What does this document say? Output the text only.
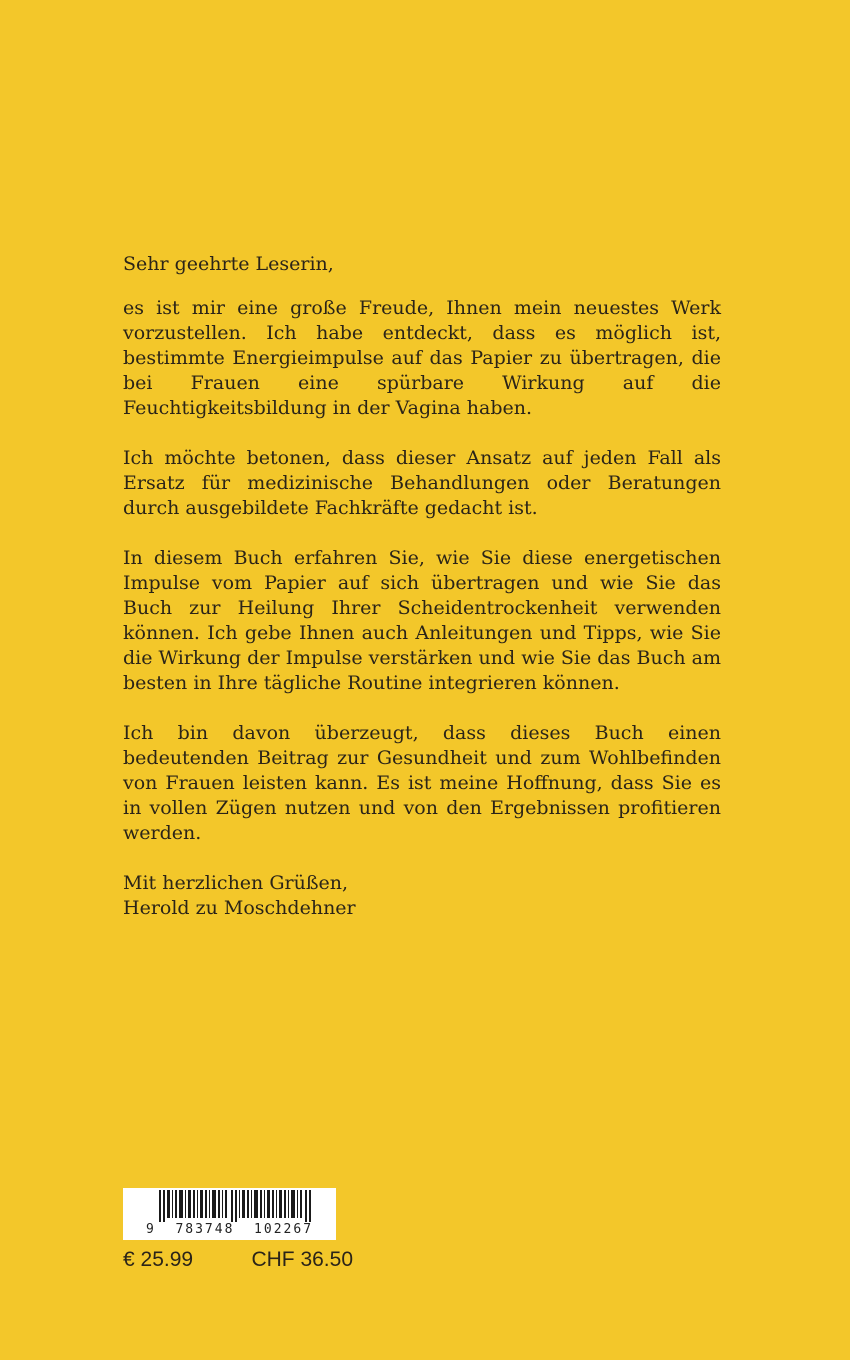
Sehr geehrte Leserin,

es ist mir eine große Freude, Ihnen mein neuestes Werk vorzustellen. Ich habe entdeckt, dass es möglich ist, bestimmte Energieimpulse auf das Papier zu übertragen, die bei Frauen eine spürbare Wirkung auf die Feuchtigkeitsbildung in der Vagina haben.

Ich möchte betonen, dass dieser Ansatz auf jeden Fall als Ersatz für medizinische Behandlungen oder Beratungen durch ausgebildete Fachkräfte gedacht ist.

In diesem Buch erfahren Sie, wie Sie diese energetischen Impulse vom Papier auf sich übertragen und wie Sie das Buch zur Heilung Ihrer Scheidentrockenheit verwenden können. Ich gebe Ihnen auch Anleitungen und Tipps, wie Sie die Wirkung der Impulse verstärken und wie Sie das Buch am besten in Ihre tägliche Routine integrieren können.

Ich bin davon überzeugt, dass dieses Buch einen bedeutenden Beitrag zur Gesundheit und zum Wohlbefinden von Frauen leisten kann. Es ist meine Hoffnung, dass Sie es in vollen Zügen nutzen und von den Ergebnissen profitieren werden.

Mit herzlichen Grüßen,
Herold zu Moschdehner

9  783748  102267
€ 25.99	CHF 36.50
